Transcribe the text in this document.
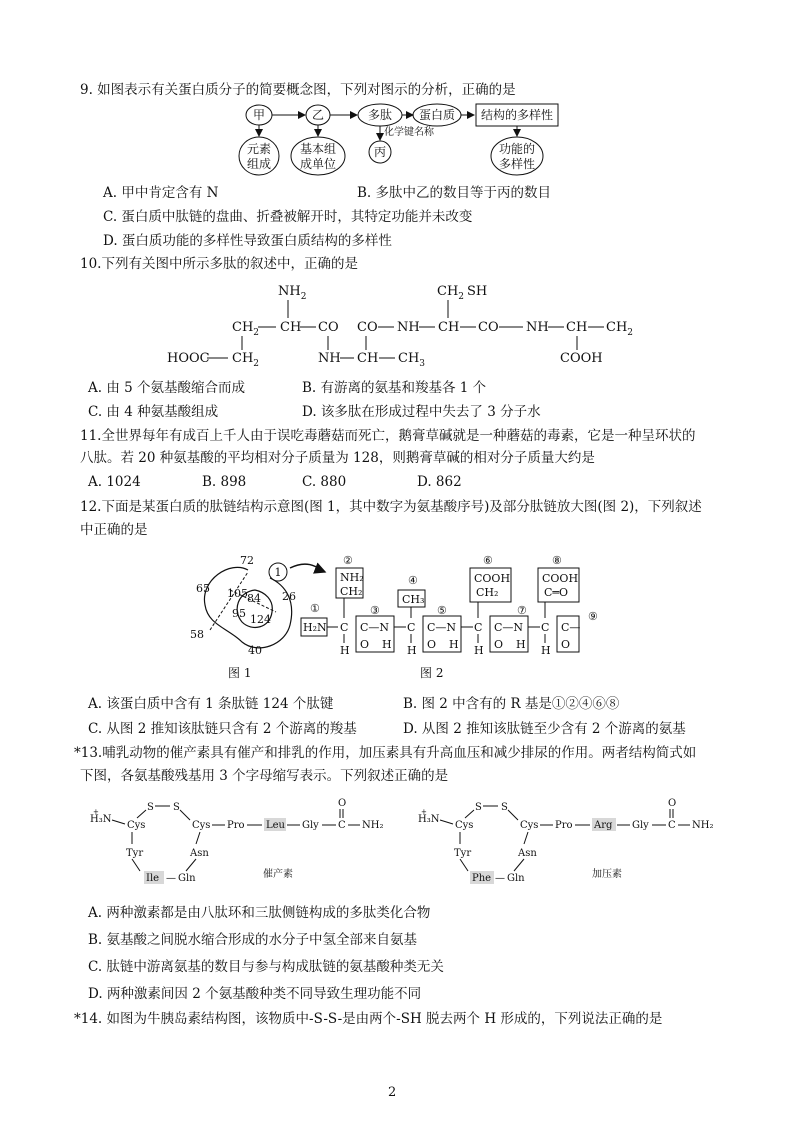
9. 如图表示有关蛋白质分子的简要概念图，下列对图示的分析，正确的是
甲	乙	多肽 蛋白质 结构的多样性
元素
组成
基本组
成单位
化学键名称
丙	功能的
多样性
A. 甲中肯定含有 N	B. 多肽中乙的数目等于丙的数目
C. 蛋白质中肽链的盘曲、折叠被解开时，其特定功能并未改变
D. 蛋白质功能的多样性导致蛋白质结构的多样性
10.下列有关图中所示多肽的叙述中，正确的是
$NH_2$	$CH_2$ SH
$CH_2$ CH CO CO NH CH CO NH CH $CH_2$
HOOC $CH_2$	NH CH $CH_3$	COOH
A. 由 5 个氨基酸缩合而成	B. 有游离的氨基和羧基各 1 个
C. 由 4 种氨基酸组成	D. 该多肽在形成过程中失去了 3 分子水
11.全世界每年有成百上千人由于误吃毒蘑菇而死亡，鹅膏草碱就是一种蘑菇的毒素，它是一种呈环状的
八肽。若 20 种氨基酸的平均相对分子质量为 128，则鹅膏草碱的相对分子质量大约是
A. 1024	B. 898	C. 880	D. 862
12.下面是某蛋白质的肽链结构示意图(图 1，其中数字为氨基酸序号)及部分肽链放大图(图 2)，下列叙述
中正确的是
1
72
65 105 84 26
95 124
58
40
图 1
②
NH₂
CH₂
④
CH₃
⑥
COOH
CH₂
⑧
COOH
C═O
①
H₂N
③	⑤	⑦	⑨
C
H
C—N
O H
C
H
C—N
O H
C
H
C—N
O H
C
H
C—
O
图 2
A. 该蛋白质中含有 1 条肽链 124 个肽键	B. 图 2 中含有的 R 基是①②④⑥⑧
C. 从图 2 推知该肽链只含有 2 个游离的羧基	D. 从图 2 推知该肽链至少含有 2 个游离的氨基
*13.哺乳动物的催产素具有催产和排乳的作用，加压素具有升高血压和减少排尿的作用。两者结构简式如
下图，各氨基酸残基用 3 个字母缩写表示。下列叙述正确的是
H₃N
+
Cys
S S
Cys Pro Leu Gly C
O
NH₂
Tyr	Asn
Ile — Gln	催产素
H₃N
+
Cys
S S
Cys Pro Arg Gly C
O
NH₂
Tyr	Asn
Phe — Gln	加压素
A. 两种激素都是由八肽环和三肽侧链构成的多肽类化合物
B. 氨基酸之间脱水缩合形成的水分子中氢全部来自氨基
C. 肽链中游离氨基的数目与参与构成肽链的氨基酸种类无关
D. 两种激素间因 2 个氨基酸种类不同导致生理功能不同
*14. 如图为牛胰岛素结构图，该物质中-S-S-是由两个-SH 脱去两个 H 形成的，下列说法正确的是
2
